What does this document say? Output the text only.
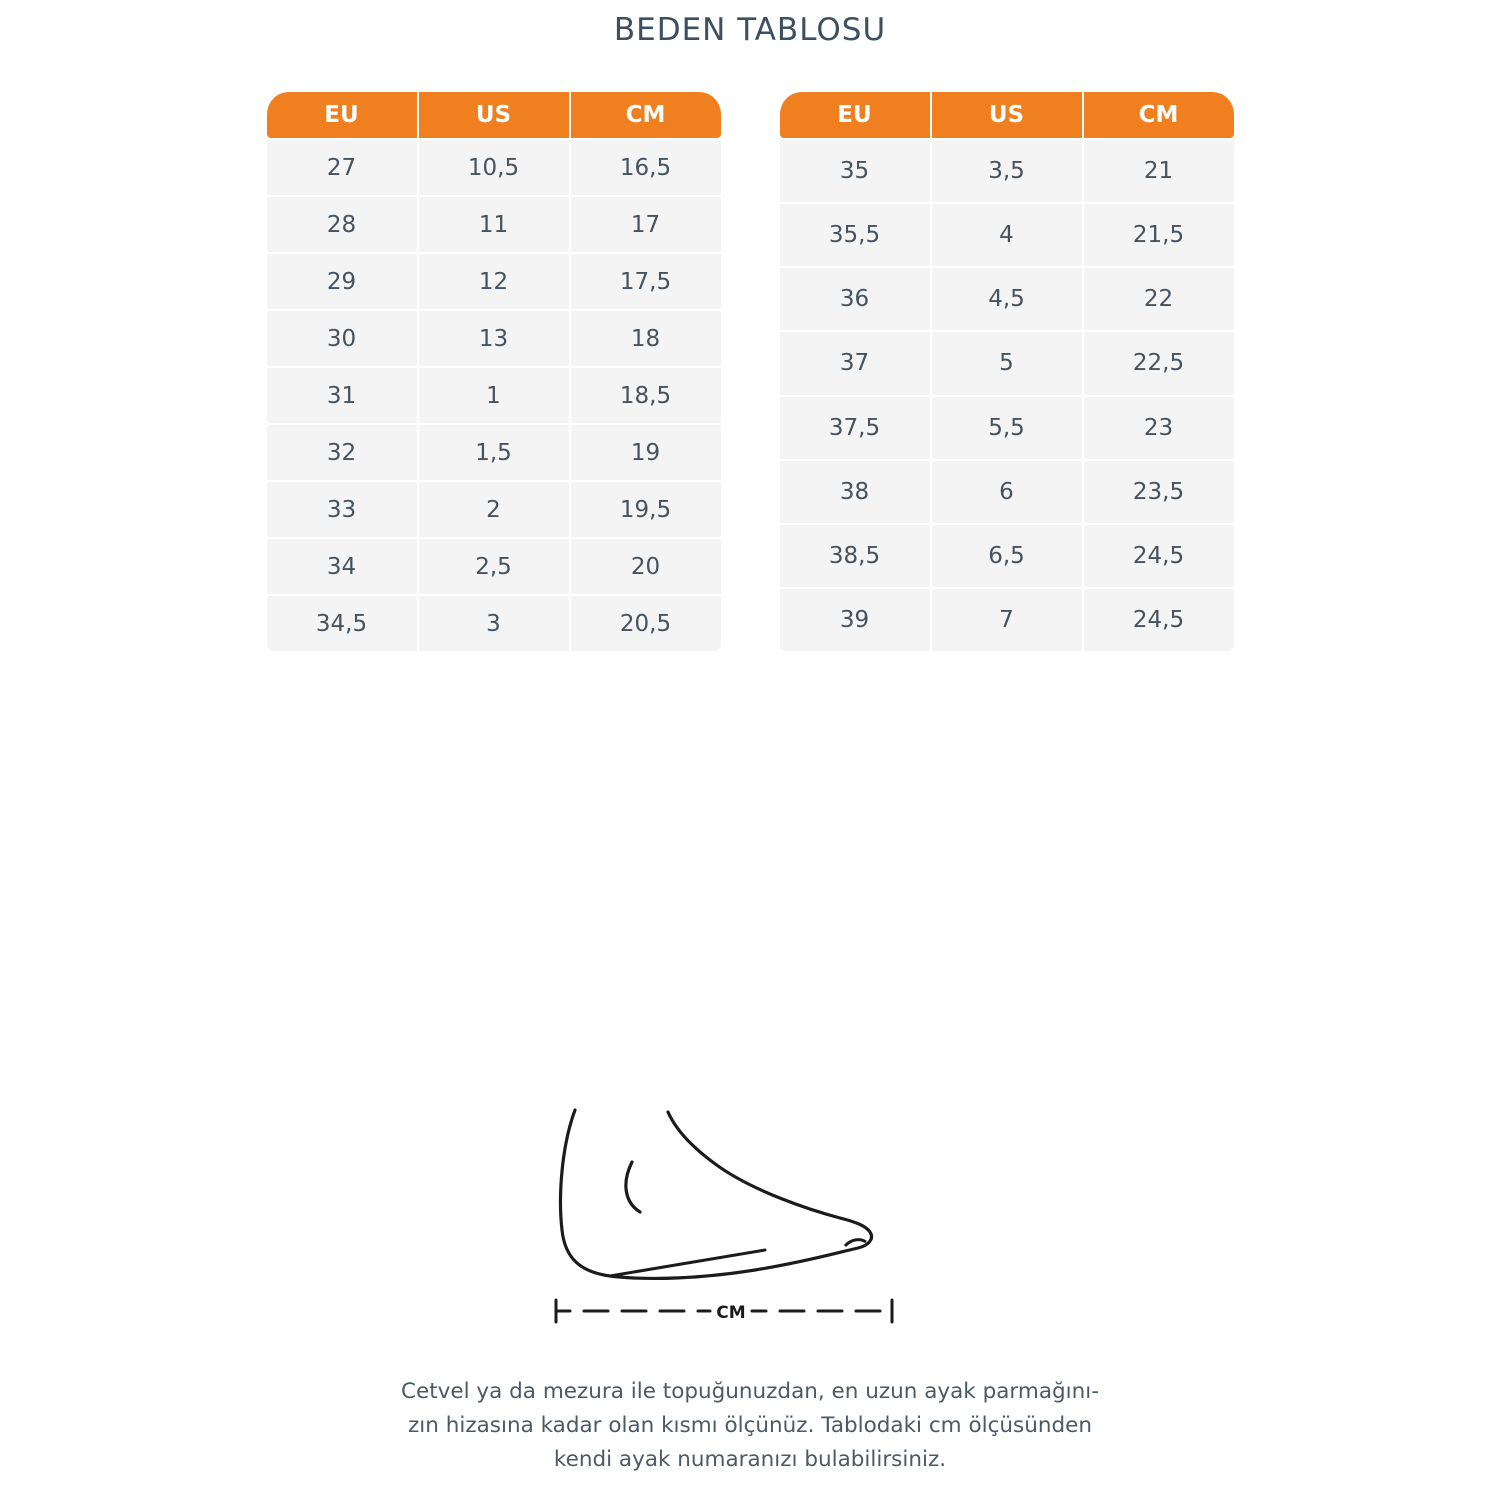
BEDEN TABLOSU
EU	US	CM
27	10,5	16,5
28	11	17
29	12	17,5
30	13	18
31	1	18,5
32	1,5	19
33	2	19,5
34	2,5	20
34,5	3	20,5
EU	US	CM
35	3,5	21
35,5	4	21,5
36	4,5	22
37	5	22,5
37,5	5,5	23
38	6	23,5
38,5	6,5	24,5
39	7	24,5
CM
Cetvel ya da mezura ile topuğunuzdan, en uzun ayak parmağını-
zın hizasına kadar olan kısmı ölçünüz. Tablodaki cm ölçüsünden
kendi ayak numaranızı bulabilirsiniz.
